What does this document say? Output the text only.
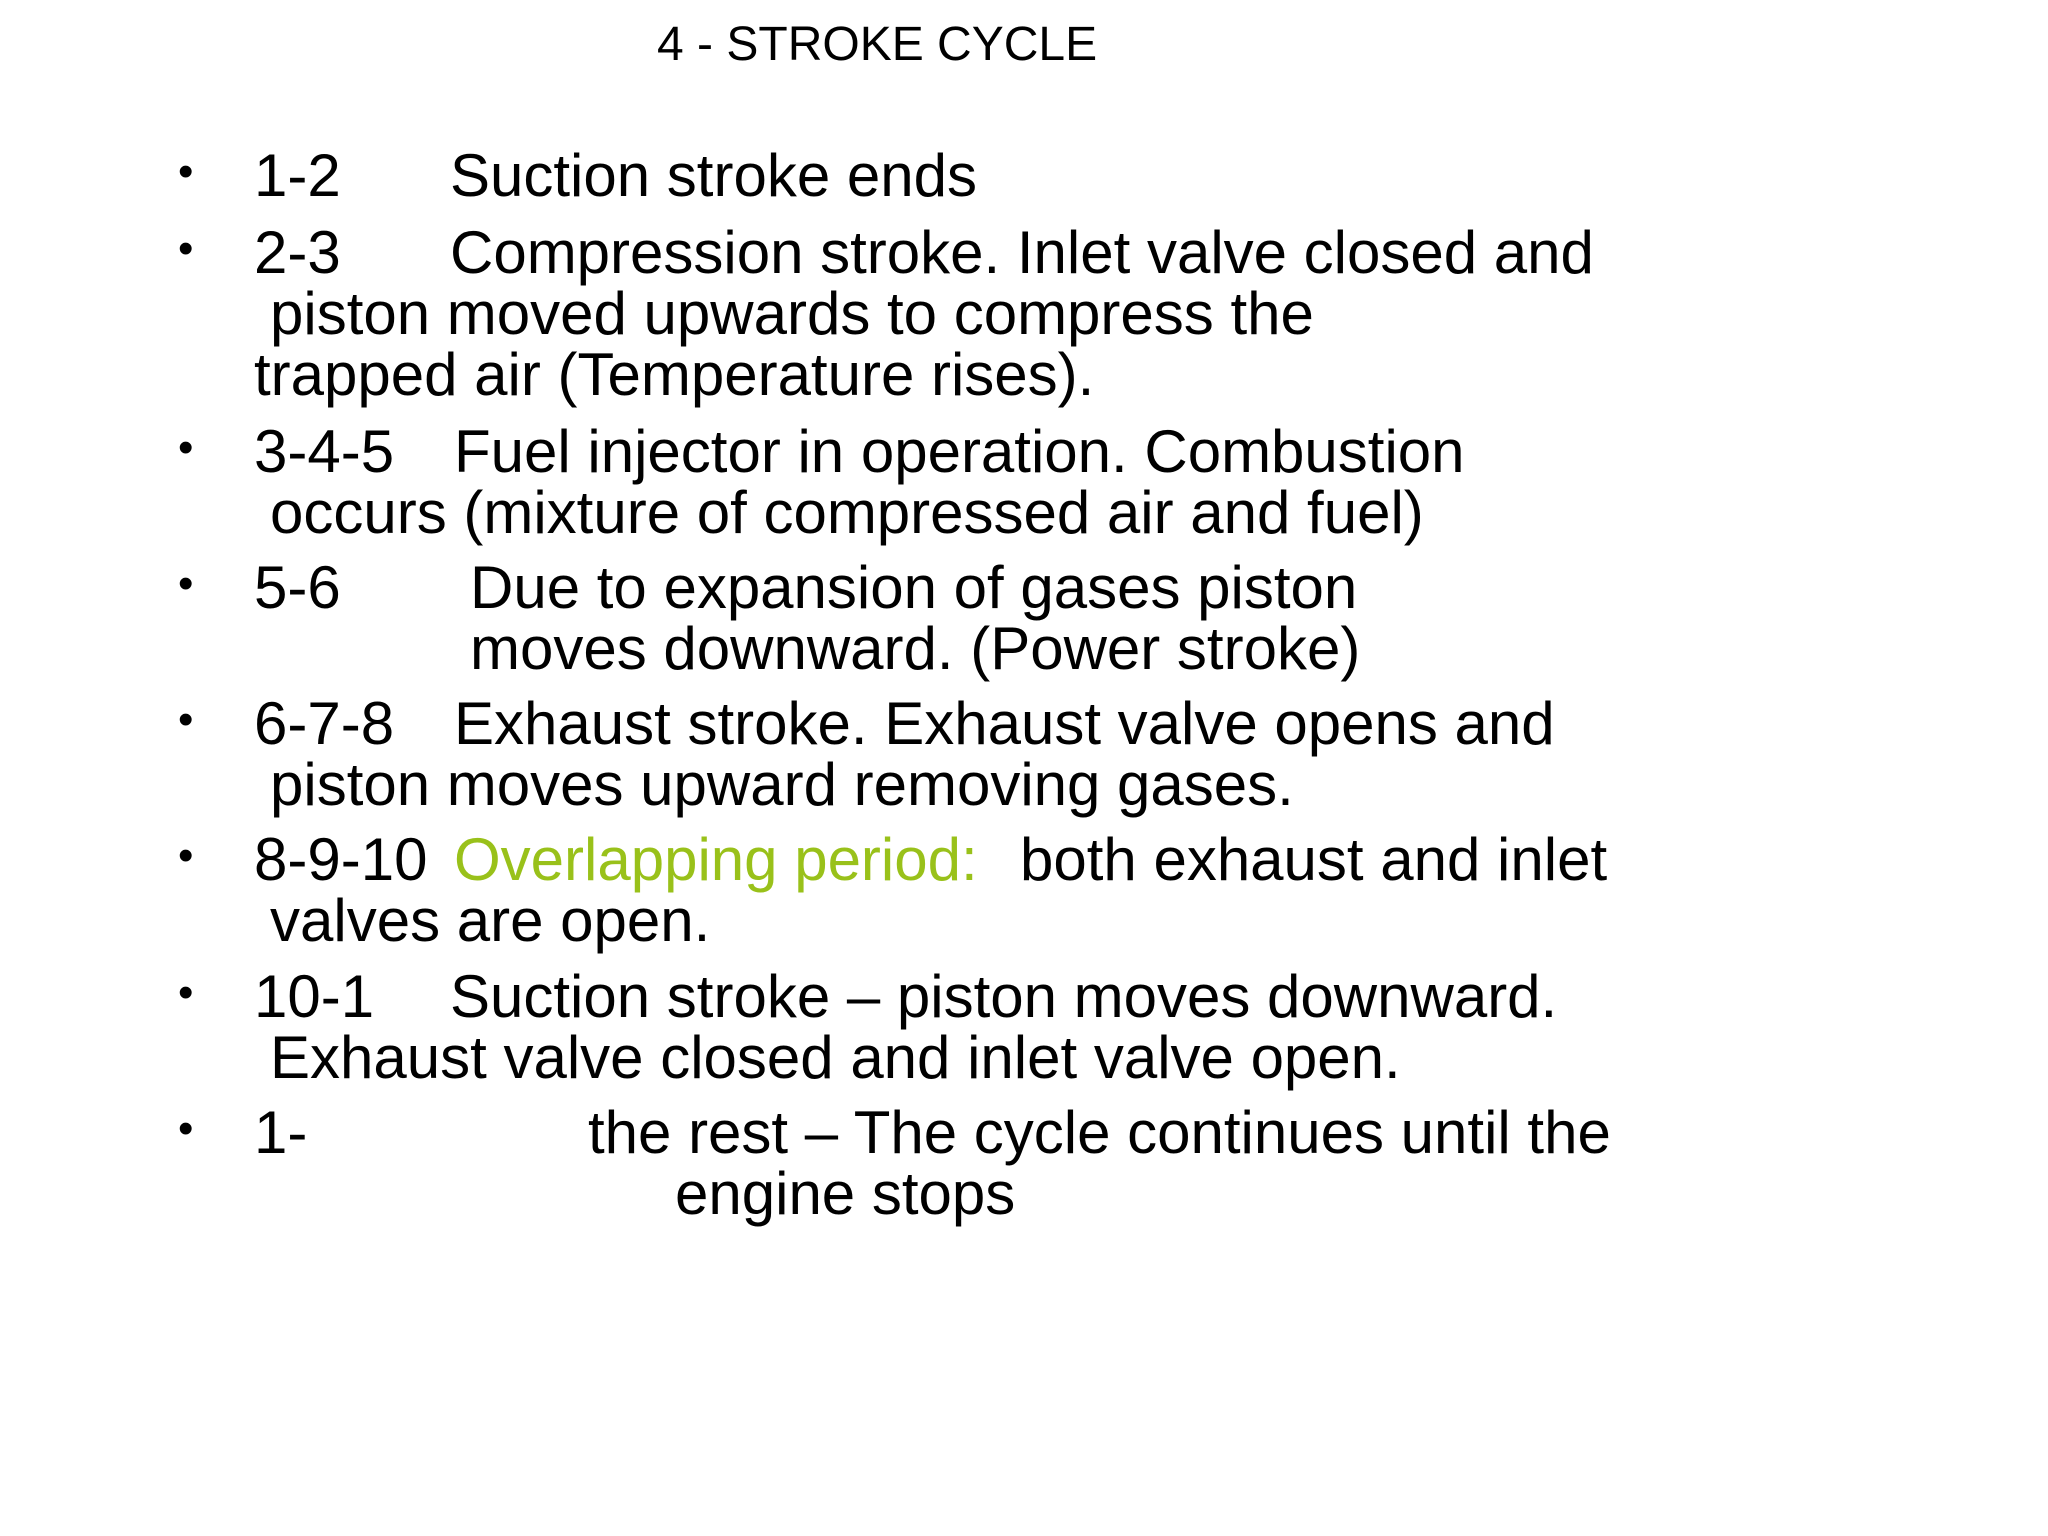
4 - STROKE CYCLE
• 1-2 Suction stroke ends
• 2-3 Compression stroke. Inlet valve closed and
piston moved upwards to compress the
trapped air (Temperature rises).
• 3-4-5 Fuel injector in operation. Combustion
occurs (mixture of compressed air and fuel)
• 5-6 Due to expansion of gases piston
moves downward. (Power stroke)
• 6-7-8 Exhaust stroke. Exhaust valve opens and
piston moves upward removing gases.
• 8-9-10 Overlapping period: both exhaust and inlet
valves are open.
• 10-1 Suction stroke – piston moves downward.
Exhaust valve closed and inlet valve open.
• 1-	the rest – The cycle continues until the
engine stops
